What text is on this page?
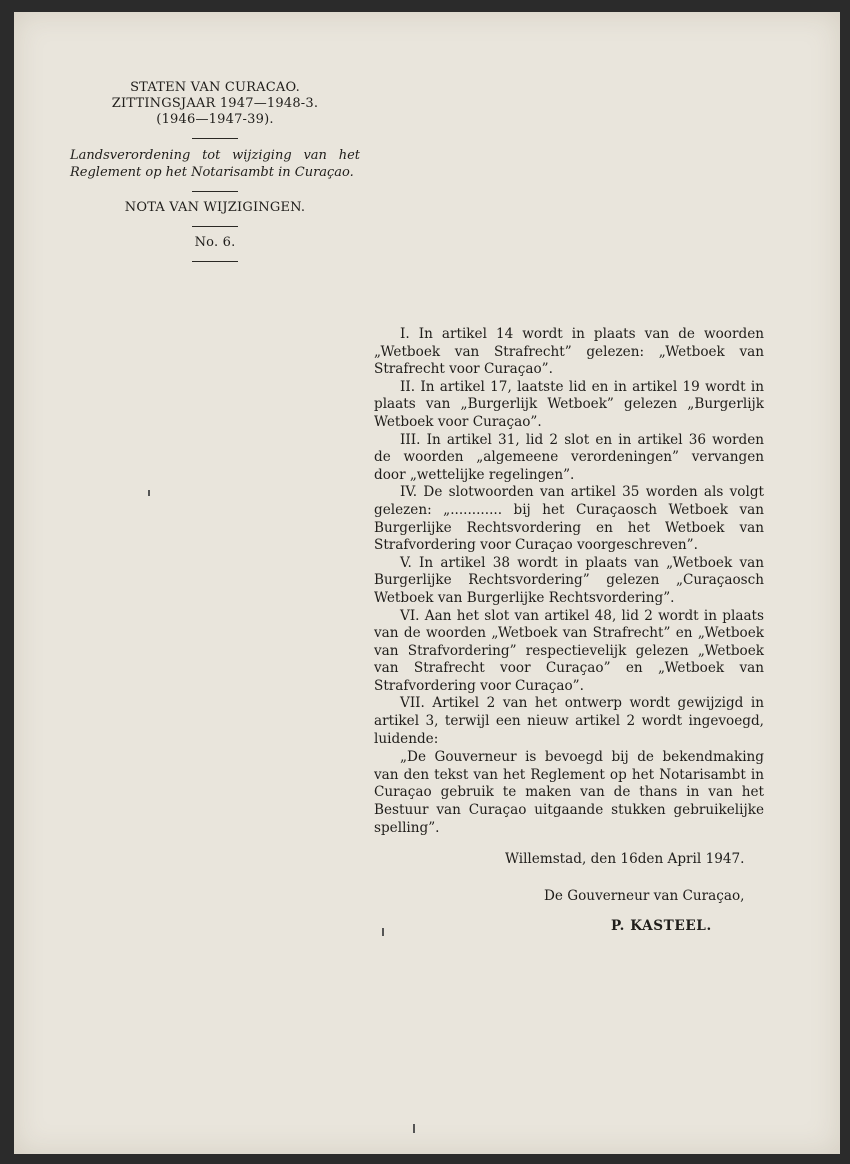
STATEN VAN CURACAO.
ZITTINGSJAAR 1947—1948-3.
(1946—1947-39).
Landsverordening tot wijziging van het Reglement op het Notarisambt in Curaçao.
NOTA VAN WIJZIGINGEN.
No. 6.

I. In artikel 14 wordt in plaats van de woorden „Wetboek van Strafrecht” gelezen: „Wetboek van Strafrecht voor Curaçao”.

II. In artikel 17, laatste lid en in artikel 19 wordt in plaats van „Burgerlijk Wetboek” gelezen „Burgerlijk Wetboek voor Curaçao”.

III. In artikel 31, lid 2 slot en in artikel 36 worden de woorden „algemeene verordeningen” vervangen door „wettelijke regelingen”.

IV. De slotwoorden van artikel 35 worden als volgt gelezen: „............ bij het Curaçaosch Wetboek van Burgerlijke Rechtsvordering en het Wetboek van Strafvordering voor Curaçao voorgeschreven”.

V. In artikel 38 wordt in plaats van „Wetboek van Burgerlijke Rechtsvordering” gelezen „Curaçaosch Wetboek van Burgerlijke Rechtsvordering”.

VI. Aan het slot van artikel 48, lid 2 wordt in plaats van de woorden „Wetboek van Strafrecht” en „Wetboek van Strafvordering” respectievelijk gelezen „Wetboek van Strafrecht voor Curaçao” en „Wetboek van Strafvordering voor Curaçao”.

VII. Artikel 2 van het ontwerp wordt gewijzigd in artikel 3, terwijl een nieuw artikel 2 wordt ingevoegd, luidende:

„De Gouverneur is bevoegd bij de bekendmaking van den tekst van het Reglement op het Notarisambt in Curaçao gebruik te maken van de thans in van het Bestuur van Curaçao uitgaande stukken gebruikelijke spelling”.

Willemstad, den 16den April 1947.
De Gouverneur van Curaçao,
P. KASTEEL.
